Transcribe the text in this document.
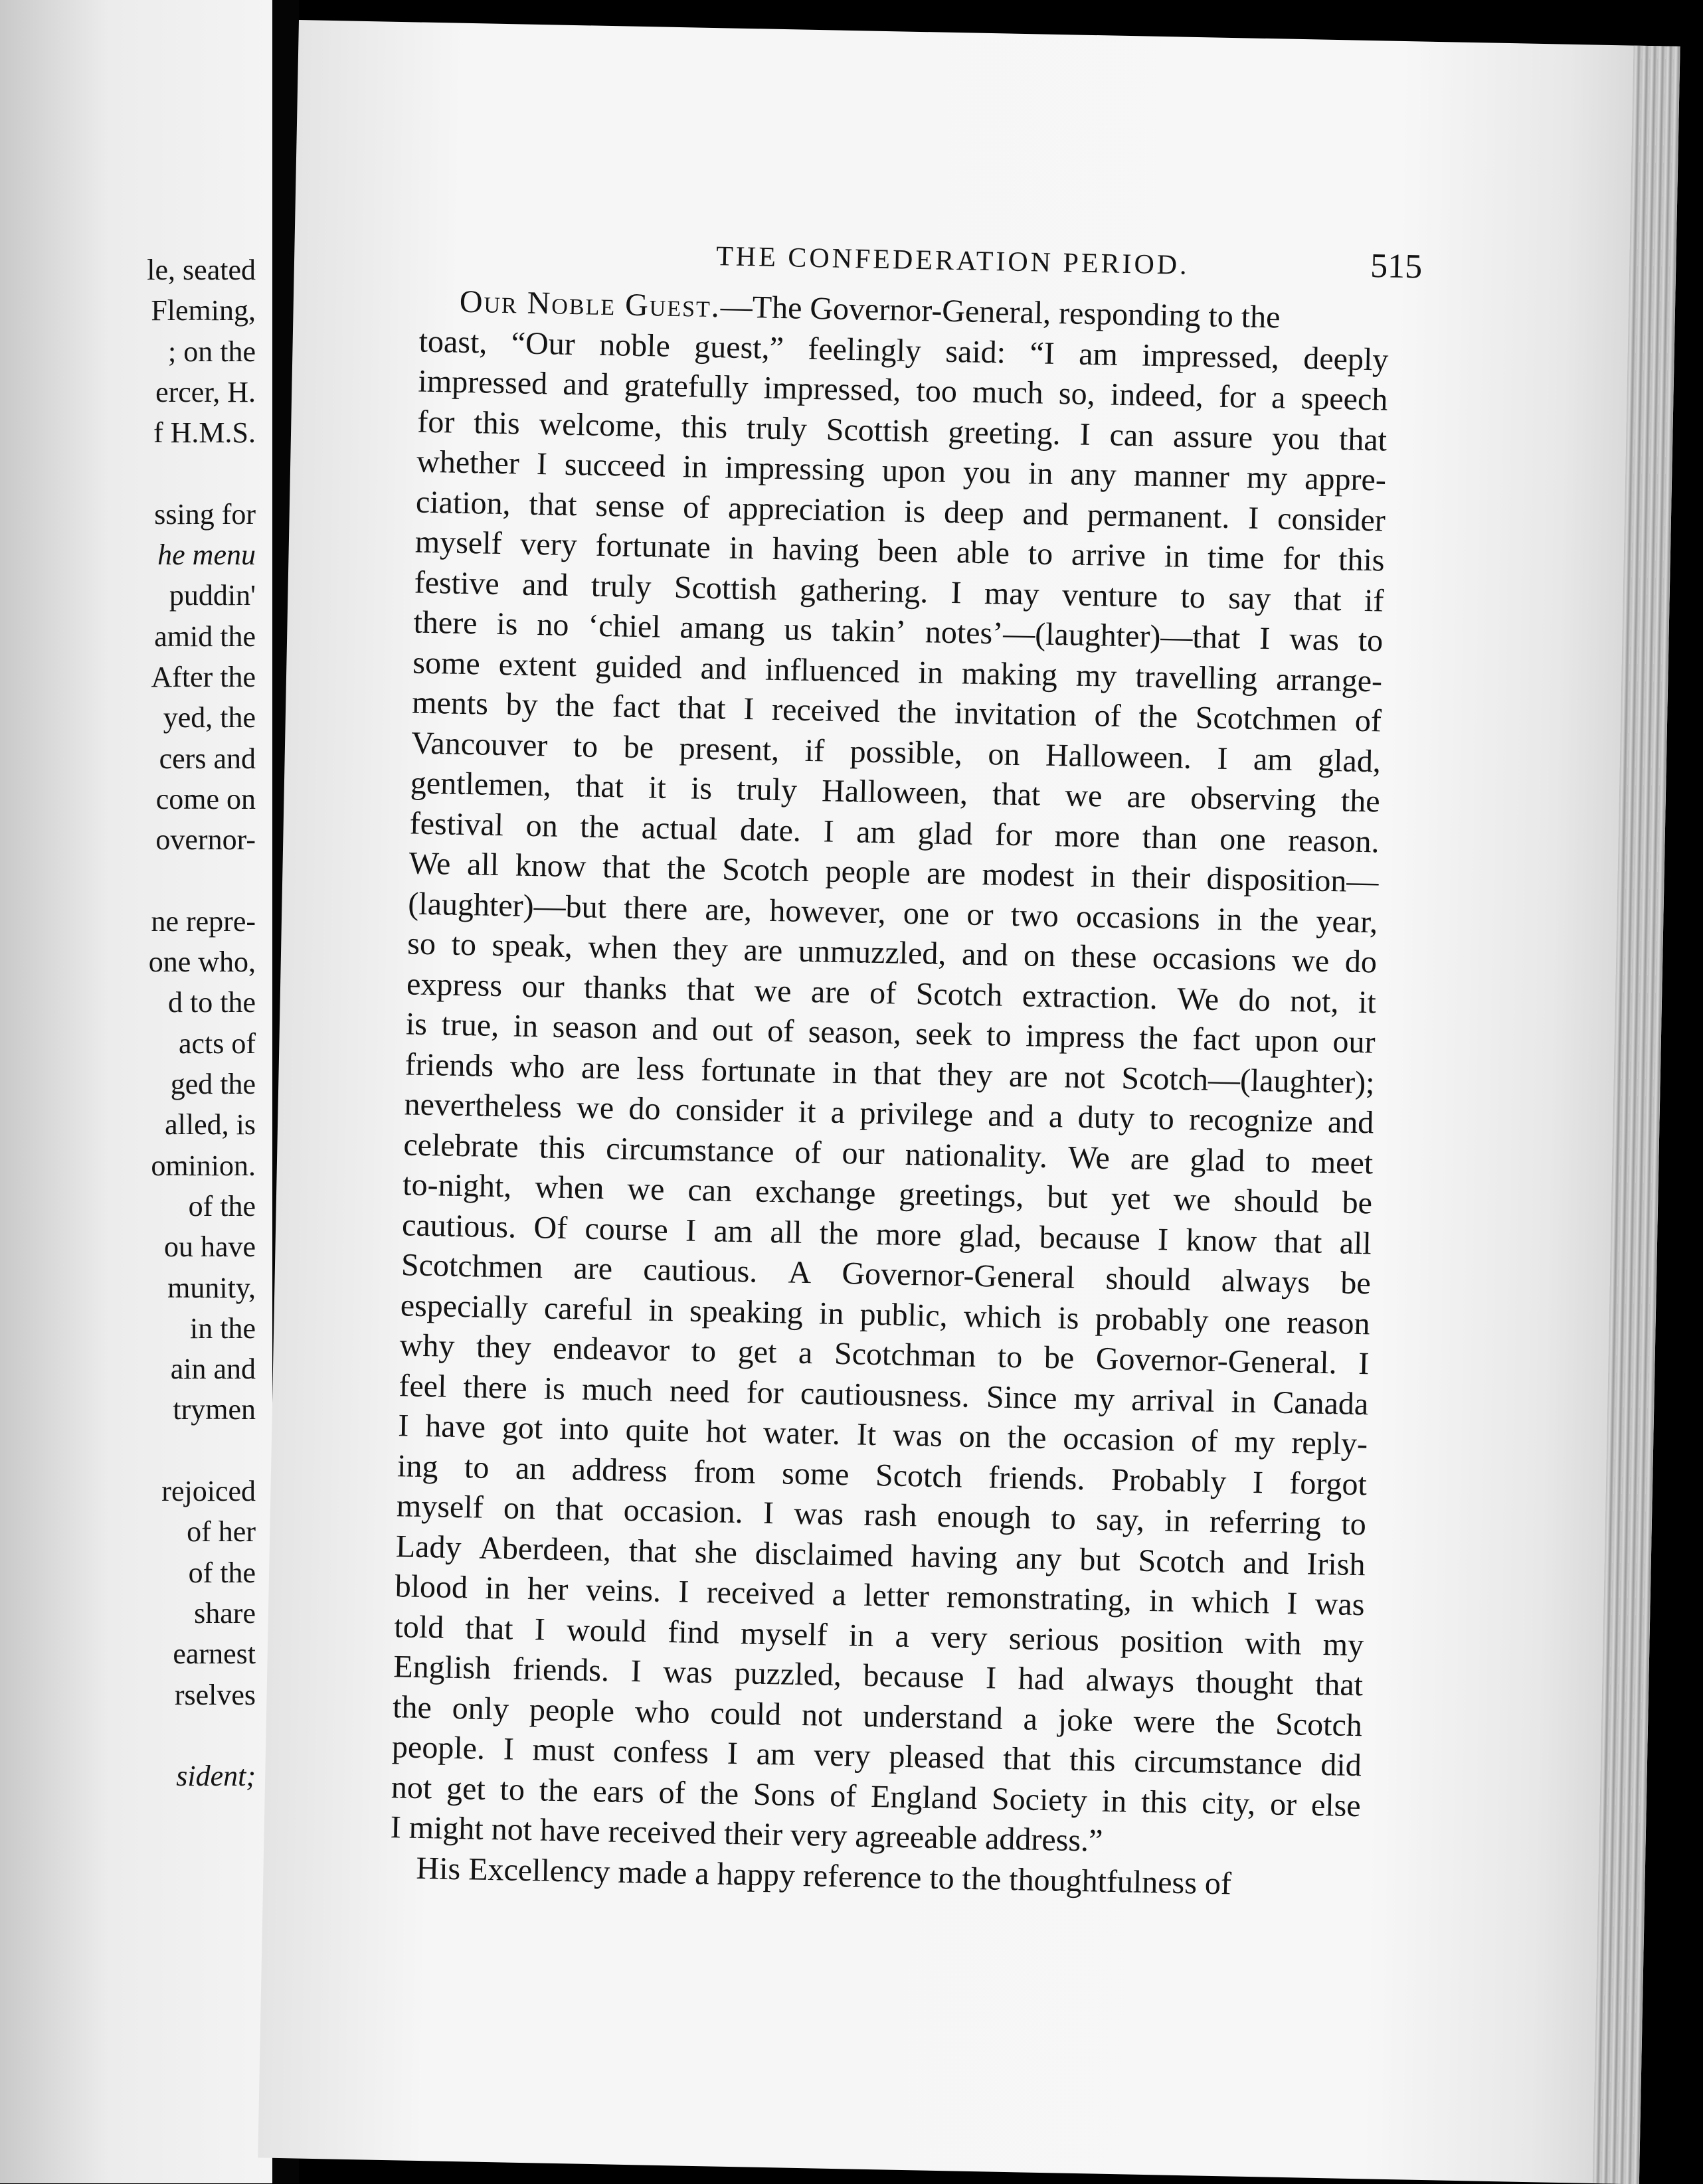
le, seated
Fleming,
; on the
ercer, H.
f H.M.S.
ssing for
he menu
puddin'
amid the
After the
yed, the
cers and
come on
overnor-
ne repre-
one who,
d to the
acts of
ged the
alled, is
ominion.
of the
ou have
munity,
in the
ain and
trymen
rejoiced
of her
of the
share
earnest
rselves
sident;
THE CONFEDERATION PERIOD.	515
Our Noble Guest.
—The Governor-General, responding to the
toast, “Our noble guest,” feelingly said: “I am impressed, deeply
impressed and gratefully impressed, too much so, indeed, for a speech
for this welcome, this truly Scottish greeting. I can assure you that
whether I succeed in impressing upon you in any manner my appre-
ciation, that sense of appreciation is deep and permanent. I consider
myself very fortunate in having been able to arrive in time for this
festive and truly Scottish gathering. I may venture to say that if
there is no ‘chiel amang us takin’ notes’—(laughter)—that I was to
some extent guided and influenced in making my travelling arrange-
ments by the fact that I received the invitation of the Scotchmen of
Vancouver to be present, if possible, on Halloween. I am glad,
gentlemen, that it is truly Halloween, that we are observing the
festival on the actual date. I am glad for more than one reason.
We all know that the Scotch people are modest in their disposition—
(laughter)—but there are, however, one or two occasions in the year,
so to speak, when they are unmuzzled, and on these occasions we do
express our thanks that we are of Scotch extraction. We do not, it
is true, in season and out of season, seek to impress the fact upon our
friends who are less fortunate in that they are not Scotch—(laughter);
nevertheless we do consider it a privilege and a duty to recognize and
celebrate this circumstance of our nationality. We are glad to meet
to-night, when we can exchange greetings, but yet we should be
cautious. Of course I am all the more glad, because I know that all
Scotchmen are cautious. A Governor-General should always be
especially careful in speaking in public, which is probably one reason
why they endeavor to get a Scotchman to be Governor-General. I
feel there is much need for cautiousness. Since my arrival in Canada
I have got into quite hot water. It was on the occasion of my reply-
ing to an address from some Scotch friends. Probably I forgot
myself on that occasion. I was rash enough to say, in referring to
Lady Aberdeen, that she disclaimed having any but Scotch and Irish
blood in her veins. I received a letter remonstrating, in which I was
told that I would find myself in a very serious position with my
English friends. I was puzzled, because I had always thought that
the only people who could not understand a joke were the Scotch
people. I must confess I am very pleased that this circumstance did
not get to the ears of the Sons of England Society in this city, or else
I might not have received their very agreeable address.”
His Excellency made a happy reference to the thoughtfulness of
